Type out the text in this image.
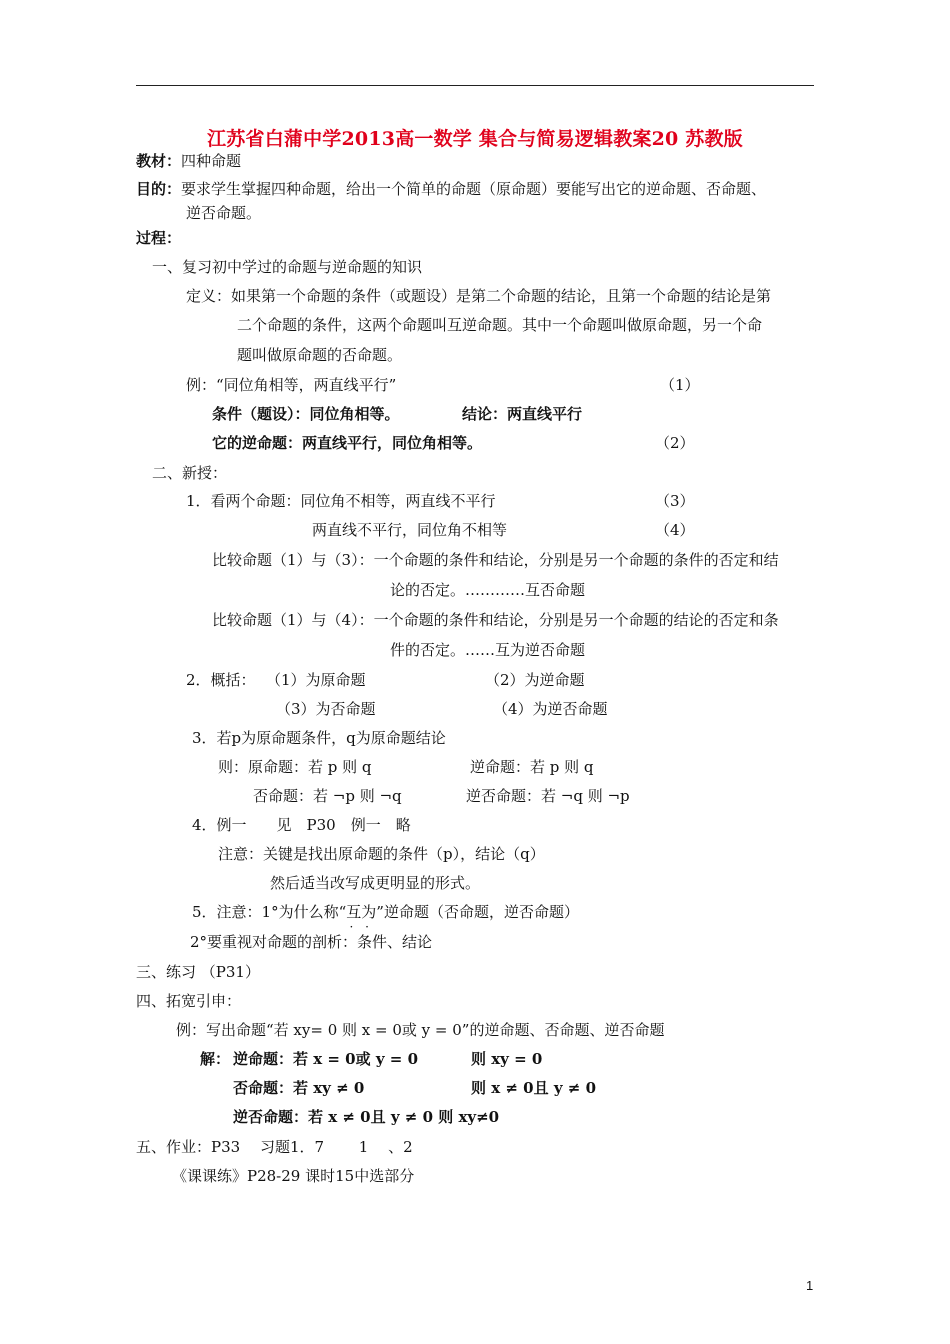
江苏省白蒲中学2013高一数学 集合与简易逻辑教案20 苏教版
教材：四种命题
目的：要求学生掌握四种命题，给出一个简单的命题（原命题）要能写出它的逆命题、否命题、
逆否命题。
过程：
一、复习初中学过的命题与逆命题的知识
定义：如果第一个命题的条件（或题设）是第二个命题的结论，且第一个命题的结论是第
二个命题的条件，这两个命题叫互逆命题。其中一个命题叫做原命题，另一个命
题叫做原命题的否命题。
例：“同位角相等，两直线平行”	（1）
条件（题设）：同位角相等。	结论：两直线平行
它的逆命题：两直线平行，同位角相等。	（2）
二、新授：
1．看两个命题：同位角不相等，两直线不平行	（3）
两直线不平行，同位角不相等	（4）
比较命题（1）与（3）：一个命题的条件和结论，分别是另一个命题的条件的否定和结
论的否定。…………互否命题
比较命题（1）与（4）：一个命题的条件和结论，分别是另一个命题的结论的否定和条
件的否定。……互为逆否命题
2．概括： （1）为原命题	（2）为逆命题
（3）为否命题	（4）为逆否命题
3．若p为原命题条件，q为原命题结论
则：原命题：若 p 则 q	逆命题：若 p 则 q
否命题：若 ¬p 则 ¬q	逆否命题：若 ¬q 则 ¬p
4．例一　　见　P30　例一　略
注意：关键是找出原命题的条件（p），结论（q）
然后适当改写成更明显的形式。
5．注意：1°为什么称“互为 · ·”逆命题（否命题，逆否命题）
2°要重视对命题的剖析：条件、结论
三、练习 （P31）
四、拓宽引申：
例：写出命题“若 xy= 0 则 x = 0或 y = 0”的逆命题、否命题、逆否命题
解： 逆命题：若 x = 0或 y = 0	则 xy = 0
否命题：若 xy ≠ 0	则 x ≠ 0且 y ≠ 0
逆否命题：若 x ≠ 0且 y ≠ 0 则 xy≠0
五、作业：P33　 习题1．7　　 1 　、2
《课课练》P28-29 课时15中选部分
1
